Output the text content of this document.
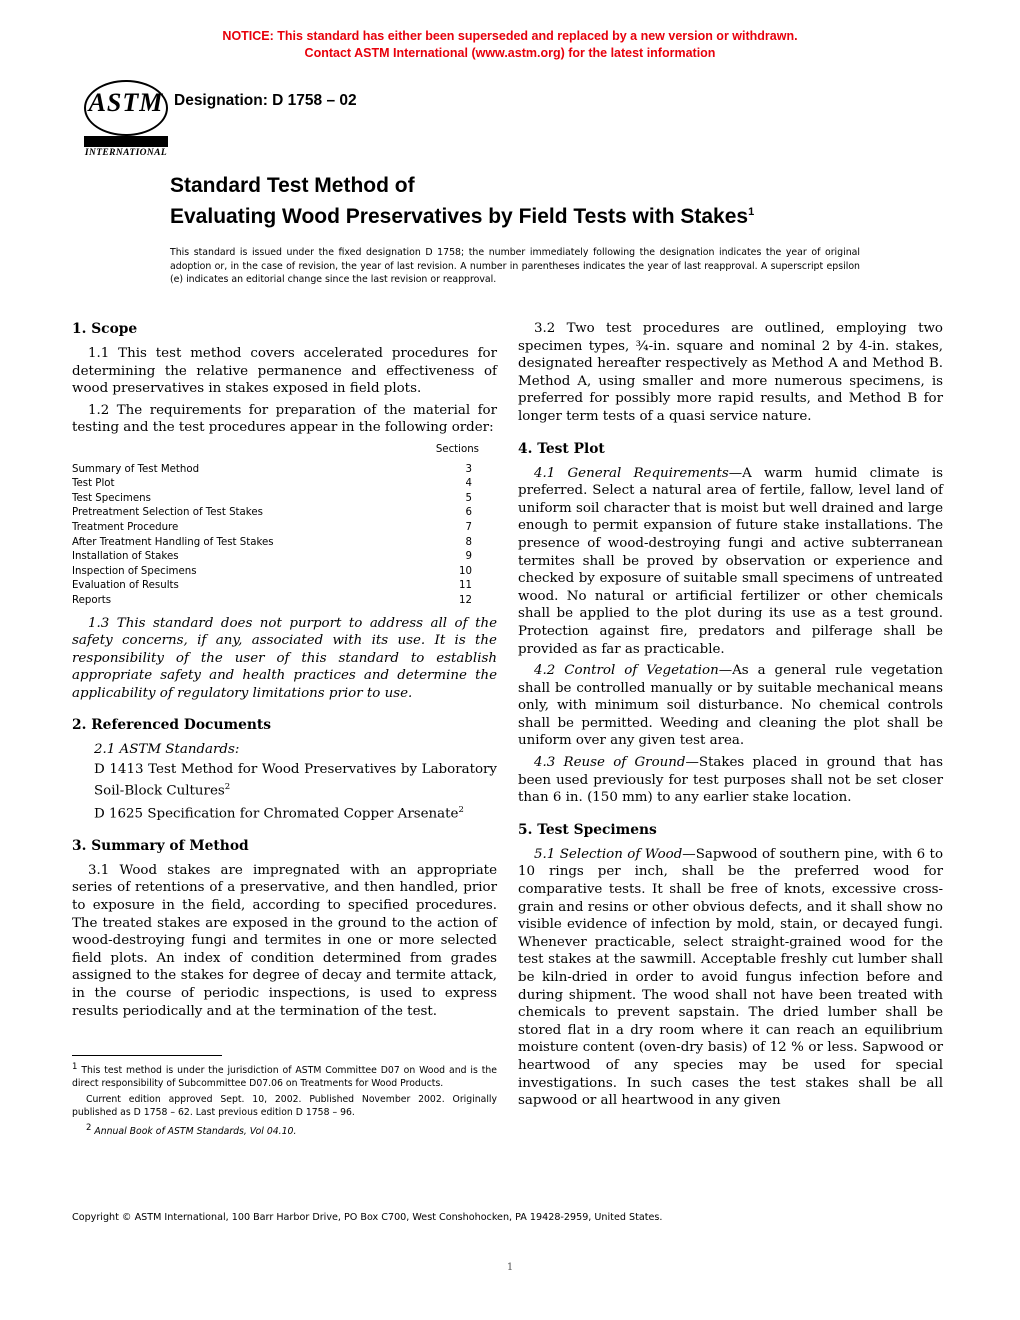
NOTICE: This standard has either been superseded and replaced by a new version or withdrawn.
Contact ASTM International (www.astm.org) for the latest information
ASTM
INTERNATIONAL
Designation: D 1758 – 02
Standard Test Method of
Evaluating Wood Preservatives by Field Tests with Stakes$^1$
This standard is issued under the fixed designation D 1758; the number immediately following the designation indicates the year of original adoption or, in the case of revision, the year of last revision. A number in parentheses indicates the year of last reapproval. A superscript epsilon (e) indicates an editorial change since the last revision or reapproval.
1. Scope

1.1 This test method covers accelerated procedures for determining the relative permanence and effectiveness of wood preservatives in stakes exposed in field plots.

1.2 The requirements for preparation of the material for testing and the test procedures appear in the following order:

Sections
Summary of Test Method	3
Test Plot	4
Test Specimens	5
Pretreatment Selection of Test Stakes	6
Treatment Procedure	7
After Treatment Handling of Test Stakes	8
Installation of Stakes	9
Inspection of Specimens	10
Evaluation of Results	11
Reports	12

1.3 This standard does not purport to address all of the safety concerns, if any, associated with its use. It is the responsibility of the user of this standard to establish appropriate safety and health practices and determine the applicability of regulatory limitations prior to use.

2. Referenced Documents

2.1 ASTM Standards:

D 1413 Test Method for Wood Preservatives by Laboratory Soil-Block Cultures$^2$

D 1625 Specification for Chromated Copper Arsenate$^2$

3. Summary of Method

3.1 Wood stakes are impregnated with an appropriate series of retentions of a preservative, and then handled, prior to exposure in the field, according to specified procedures. The treated stakes are exposed in the ground to the action of wood-destroying fungi and termites in one or more selected field plots. An index of condition determined from grades assigned to the stakes for degree of decay and termite attack, in the course of periodic inspections, is used to express results periodically and at the termination of the test.

3.2 Two test procedures are outlined, employing two specimen types, ¾-in. square and nominal 2 by 4-in. stakes, designated hereafter respectively as Method A and Method B. Method A, using smaller and more numerous specimens, is preferred for possibly more rapid results, and Method B for longer term tests of a quasi service nature.

4. Test Plot

4.1 General Requirements—A warm humid climate is preferred. Select a natural area of fertile, fallow, level land of uniform soil character that is moist but well drained and large enough to permit expansion of future stake installations. The presence of wood-destroying fungi and active subterranean termites shall be proved by observation or experience and checked by exposure of suitable small specimens of untreated wood. No natural or artificial fertilizer or other chemicals shall be applied to the plot during its use as a test ground. Protection against fire, predators and pilferage shall be provided as far as practicable.

4.2 Control of Vegetation—As a general rule vegetation shall be controlled manually or by suitable mechanical means only, with minimum soil disturbance. No chemical controls shall be permitted. Weeding and cleaning the plot shall be uniform over any given test area.

4.3 Reuse of Ground—Stakes placed in ground that has been used previously for test purposes shall not be set closer than 6 in. (150 mm) to any earlier stake location.

5. Test Specimens

5.1 Selection of Wood—Sapwood of southern pine, with 6 to 10 rings per inch, shall be the preferred wood for comparative tests. It shall be free of knots, excessive cross-grain and resins or other obvious defects, and it shall show no visible evidence of infection by mold, stain, or decayed fungi. Whenever practicable, select straight-grained wood for the test stakes at the sawmill. Acceptable freshly cut lumber shall be kiln-dried in order to avoid fungus infection before and during shipment. The wood shall not have been treated with chemicals to prevent sapstain. The dried lumber shall be stored flat in a dry room where it can reach an equilibrium moisture content (oven-dry basis) of 12 % or less. Sapwood or heartwood of any species may be used for special investigations. In such cases the test stakes shall be all sapwood or all heartwood in any given

$^1$ This test method is under the jurisdiction of ASTM Committee D07 on Wood and is the direct responsibility of Subcommittee D07.06 on Treatments for Wood Products.

Current edition approved Sept. 10, 2002. Published November 2002. Originally published as D 1758 – 62. Last previous edition D 1758 – 96.

$^2$ Annual Book of ASTM Standards, Vol 04.10.

Copyright © ASTM International, 100 Barr Harbor Drive, PO Box C700, West Conshohocken, PA 19428-2959, United States.
1
